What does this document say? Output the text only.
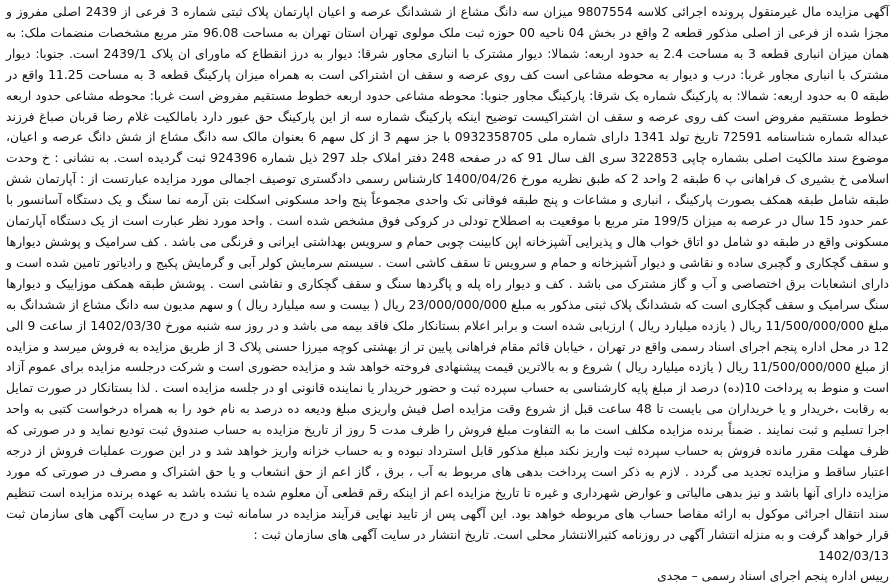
آگهی مزایده مال غیرمنقول پرونده اجرائی کلاسه 9807554 میزان سه دانگ مشاع از ششدانگ عرصه و اعیان اپارتمان پلاک ثبتی شماره 3 فرعی از 2439 اصلی مفروز و مجزا شده از فرعی از اصلی مذکور قطعه 2 واقع در بخش 04 ناحیه 00 حوزه ثبت ملک مولوی تهران استان تهران به مساحت 96.08 متر مربع مشخصات منضمات ملک: به همان میزان انباری قطعه 3 به مساحت 2.4 به حدود اربعه: شمالا: دیوار مشترک با انباری مجاور شرقا: دیوار به درز انقطاع که ماورای ان پلاک 2439/1 است. جنوبا: دیوار مشترک با انباری مجاور غربا: درب و دیوار به محوطه مشاعی است کف روی عرصه و سقف ان اشتراکی است به همراه میزان پارکینگ قطعه 3 به مساحت 11.25 واقع در طبقه 0 به حدود اربعه: شمالا: به پارکینگ شماره یک شرقا: پارکینگ مجاور جنوبا: محوطه مشاعی حدود اربعه خطوط مستقیم مفروض است غربا: محوطه مشاعی حدود اربعه خطوط مستقیم مفروض است کف روی عرصه و سقف ان اشتراکیست توضیح اینکه پارکینگ شماره سه از این پارکینگ حق عبور دارد بامالکیت غلام رضا قربان صباغ فرزند عبداله شماره شناسنامه 72591 تاریخ تولد 1341 دارای شماره ملی 0932358705 با جز سهم 3 از کل سهم 6 بعنوان مالک سه دانگ مشاع از شش دانگ عرصه و اعیان، موضوع سند مالکیت اصلی بشماره چاپی 322853 سری الف سال 91 که در صفحه 248 دفتر املاک جلد 297 ذیل شماره 924396 ثبت گردیده است. به نشانی : خ وحدت اسلامی خ بشیری ک فراهانی پ 6 طبقه 2 واحد 2 که طبق نظریه مورخ 1400/04/26 کارشناس رسمی دادگستری توصیف اجمالی مورد مزایده عبارتست از : آپارتمان شش طبقه شامل طبقه همکف بصورت پارکینگ ، انباری و مشاعات و پنج طبقه فوقانی تک واحدی مجموعاً پنج واحد مسکونی اسکلت بتن آرمه نما سنگ و یک دستگاه آسانسور با عمر حدود 15 سال در عرصه به میزان 199/5 متر مربع با موقعیت به اصطلاح تودلی در کروکی فوق مشخص شده است . واحد مورد نظر عبارت است از یک دستگاه آپارتمان مسکونی واقع در طبقه دو شامل دو اتاق خواب هال و پذیرایی آشپزخانه اپن کابینت چوبی حمام و سرویس بهداشتی ایرانی و فرنگی می باشد . کف سرامیک و پوشش دیوارها و سقف گچکاری و گچبری ساده و نقاشی و دیوار آشپزخانه و حمام و سرویس تا سقف کاشی است . سیستم سرمایش کولر آبی و گرمایش پکیج و رادیاتور تامین شده است و دارای انشعابات برق اختصاصی و آب و گاز مشترک می باشد . کف و دیوار راه پله و پاگردها سنگ و سقف گچکاری و نقاشی است . پوشش طبقه همکف موزاییک و دیوارها سنگ سرامیک و سقف گچکاری است که ششدانگ پلاک ثبتی مذکور به مبلغ 23/000/000/000 ریال ( بیست و سه میلیارد ریال ) و سهم مدیون سه دانگ مشاع از ششدانگ به مبلغ 11/500/000/000 ریال ( یازده میلیارد ریال ) ارزیابی شده است و برابر اعلام بستانکار ملک فاقد بیمه می باشد و در روز سه شنبه مورخ 1402/03/30 از ساعت 9 الی 12 در محل اداره پنجم اجرای اسناد رسمی واقع در تهران ، خیابان قائم مقام فراهانی پایین تر از بهشتی کوچه میرزا حسنی پلاک 3 از طریق مزایده به فروش میرسد و مزایده از مبلغ 11/500/000/000 ریال ( یازده میلیارد ریال ) شروع و به بالاترین قیمت پیشنهادی فروخته خواهد شد و مزایده حضوری است و شرکت درجلسه مزایده برای عموم آزاد است و منوط به پرداخت 10(ده) درصد از مبلغ پایه کارشناسی به حساب سپرده ثبت و حضور خریدار یا نماینده قانونی او در جلسه مزایده است . لذا بستانکار در صورت تمایل به رقابت ،خریدار و یا خریداران می بایست تا 48 ساعت قبل از شروع وقت مزایده اصل فیش واریزی مبلغ ودیعه ده درصد به نام خود را به همراه درخواست کتبی به واحد اجرا تسلیم و ثبت نمایند . ضمناً برنده مزایده مکلف است ما به التفاوت مبلغ فروش را ظرف مدت 5 روز از تاریخ مزایده به حساب صندوق ثبت تودیع نماید و در صورتی که ظرف مهلت مقرر مانده فروش به حساب سپرده ثبت واریز نکند مبلغ مذکور قابل استرداد نبوده و به حساب خزانه واریز خواهد شد و در این صورت عملیات فروش از درجه اعتبار ساقط و مزایده تجدید می گردد . لازم به ذکر است پرداخت بدهی های مربوط به آب ، برق ، گاز اعم از حق انشعاب و یا حق اشتراک و مصرف در صورتی که مورد مزایده دارای آنها باشد و نیز بدهی مالیاتی و عوارض شهرداری و غیره تا تاریخ مزایده اعم از اینکه رقم قطعی آن معلوم شده یا نشده باشد به عهده برنده مزایده است تنظیم سند انتقال اجرائی موکول به ارائه مفاصا حساب های مربوطه خواهد بود. این آگهی پس از تایید نهایی فرآیند مزایده در سامانه ثبت و درج در سایت آگهی های سازمان ثبت قرار خواهد گرفت و به منزله انتشار آگهی در روزنامه کثیرالانتشار محلی است. تاریخ انتشار در سایت آگهی های سازمان ثبت :

1402/03/13

رییس اداره پنجم اجرای اسناد رسمی – مجدی
